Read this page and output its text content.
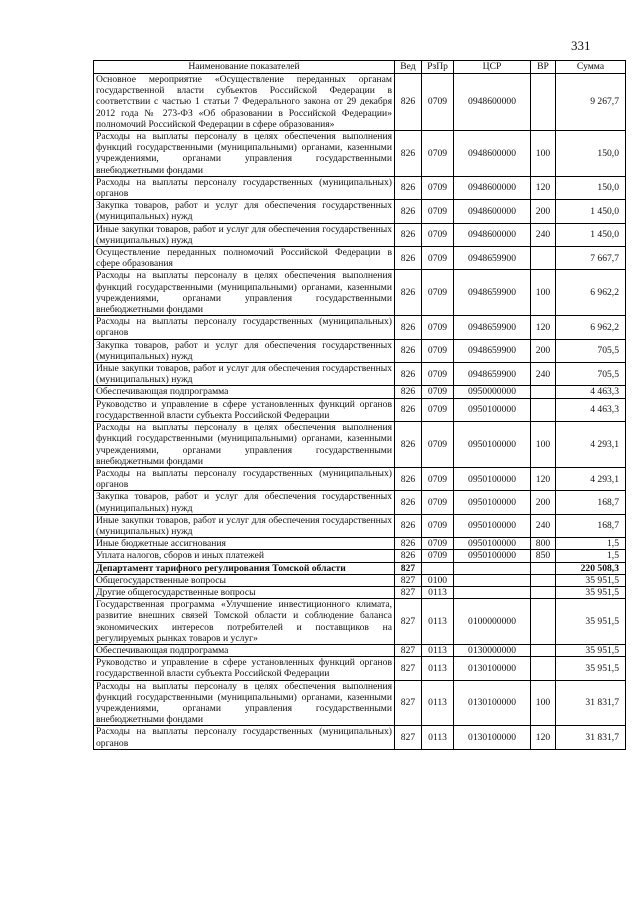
331
Наименование показателей	Вед	РзПр	ЦСР	ВР	Сумма
Основное мероприятие «Осуществление переданных органам государственной власти субъектов Российской Федерации в соответствии с частью 1 статьи 7 Федерального закона от 29 декабря 2012 года № 273-ФЗ «Об образовании в Российской Федерации» полномочий Российской Федерации в сфере образования»	826	0709	0948600000		9 267,7
Расходы на выплаты персоналу в целях обеспечения выполнения функций государственными (муниципальными) органами, казенными учреждениями, органами управления государственными внебюджетными фондами	826	0709	0948600000	100	150,0
Расходы на выплаты персоналу государственных (муниципальных) органов	826	0709	0948600000	120	150,0
Закупка товаров, работ и услуг для обеспечения государственных (муниципальных) нужд	826	0709	0948600000	200	1 450,0
Иные закупки товаров, работ и услуг для обеспечения государственных (муниципальных) нужд	826	0709	0948600000	240	1 450,0
Осуществление переданных полномочий Российской Федерации в сфере образования	826	0709	0948659900		7 667,7
Расходы на выплаты персоналу в целях обеспечения выполнения функций государственными (муниципальными) органами, казенными учреждениями, органами управления государственными внебюджетными фондами	826	0709	0948659900	100	6 962,2
Расходы на выплаты персоналу государственных (муниципальных) органов	826	0709	0948659900	120	6 962,2
Закупка товаров, работ и услуг для обеспечения государственных (муниципальных) нужд	826	0709	0948659900	200	705,5
Иные закупки товаров, работ и услуг для обеспечения государственных (муниципальных) нужд	826	0709	0948659900	240	705,5
Обеспечивающая подпрограмма	826	0709	0950000000		4 463,3
Руководство и управление в сфере установленных функций органов государственной власти субъекта Российской Федерации	826	0709	0950100000		4 463,3
Расходы на выплаты персоналу в целях обеспечения выполнения функций государственными (муниципальными) органами, казенными учреждениями, органами управления государственными внебюджетными фондами	826	0709	0950100000	100	4 293,1
Расходы на выплаты персоналу государственных (муниципальных) органов	826	0709	0950100000	120	4 293,1
Закупка товаров, работ и услуг для обеспечения государственных (муниципальных) нужд	826	0709	0950100000	200	168,7
Иные закупки товаров, работ и услуг для обеспечения государственных (муниципальных) нужд	826	0709	0950100000	240	168,7
Иные бюджетные ассигнования	826	0709	0950100000	800	1,5
Уплата налогов, сборов и иных платежей	826	0709	0950100000	850	1,5
Департамент тарифного регулирования Томской области	827				220 508,3
Общегосударственные вопросы	827	0100			35 951,5
Другие общегосударственные вопросы	827	0113			35 951,5
Государственная программа «Улучшение инвестиционного климата, развитие внешних связей Томской области и соблюдение баланса экономических интересов потребителей и поставщиков на регулируемых рынках товаров и услуг»	827	0113	0100000000		35 951,5
Обеспечивающая подпрограмма	827	0113	0130000000		35 951,5
Руководство и управление в сфере установленных функций органов государственной власти субъекта Российской Федерации	827	0113	0130100000		35 951,5
Расходы на выплаты персоналу в целях обеспечения выполнения функций государственными (муниципальными) органами, казенными учреждениями, органами управления государственными внебюджетными фондами	827	0113	0130100000	100	31 831,7
Расходы на выплаты персоналу государственных (муниципальных) органов	827	0113	0130100000	120	31 831,7
